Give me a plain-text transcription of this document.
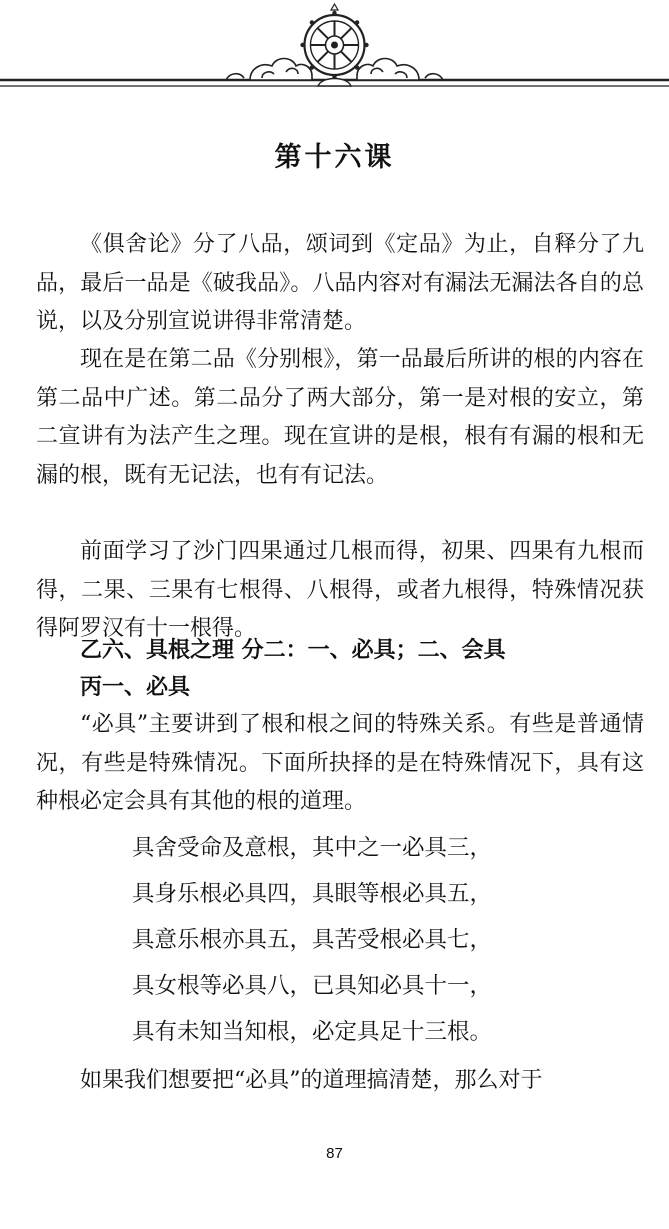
第十六课

《俱舍论》分了八品，颂词到《定品》为止，自释分了九品，最后一品是《破我品》。八品内容对有漏法无漏法各自的总说，以及分别宣说讲得非常清楚。

现在是在第二品《分别根》，第一品最后所讲的根的内容在第二品中广述。第二品分了两大部分，第一是对根的安立，第二宣讲有为法产生之理。现在宣讲的是根，根有有漏的根和无漏的根，既有无记法，也有有记法。

前面学习了沙门四果通过几根而得，初果、四果有九根而得，二果、三果有七根得、八根得，或者九根得，特殊情况获得阿罗汉有十一根得。

乙六、具根之理 分二：一、必具；二、会具
丙一、必具

“必具”主要讲到了根和根之间的特殊关系。有些是普通情况，有些是特殊情况。下面所抉择的是在特殊情况下，具有这种根必定会具有其他的根的道理。

具舍受命及意根，其中之一必具三，
具身乐根必具四，具眼等根必具五，
具意乐根亦具五，具苦受根必具七，
具女根等必具八，已具知必具十一，
具有未知当知根，必定具足十三根。

如果我们想要把“必具”的道理搞清楚，那么对于

87
